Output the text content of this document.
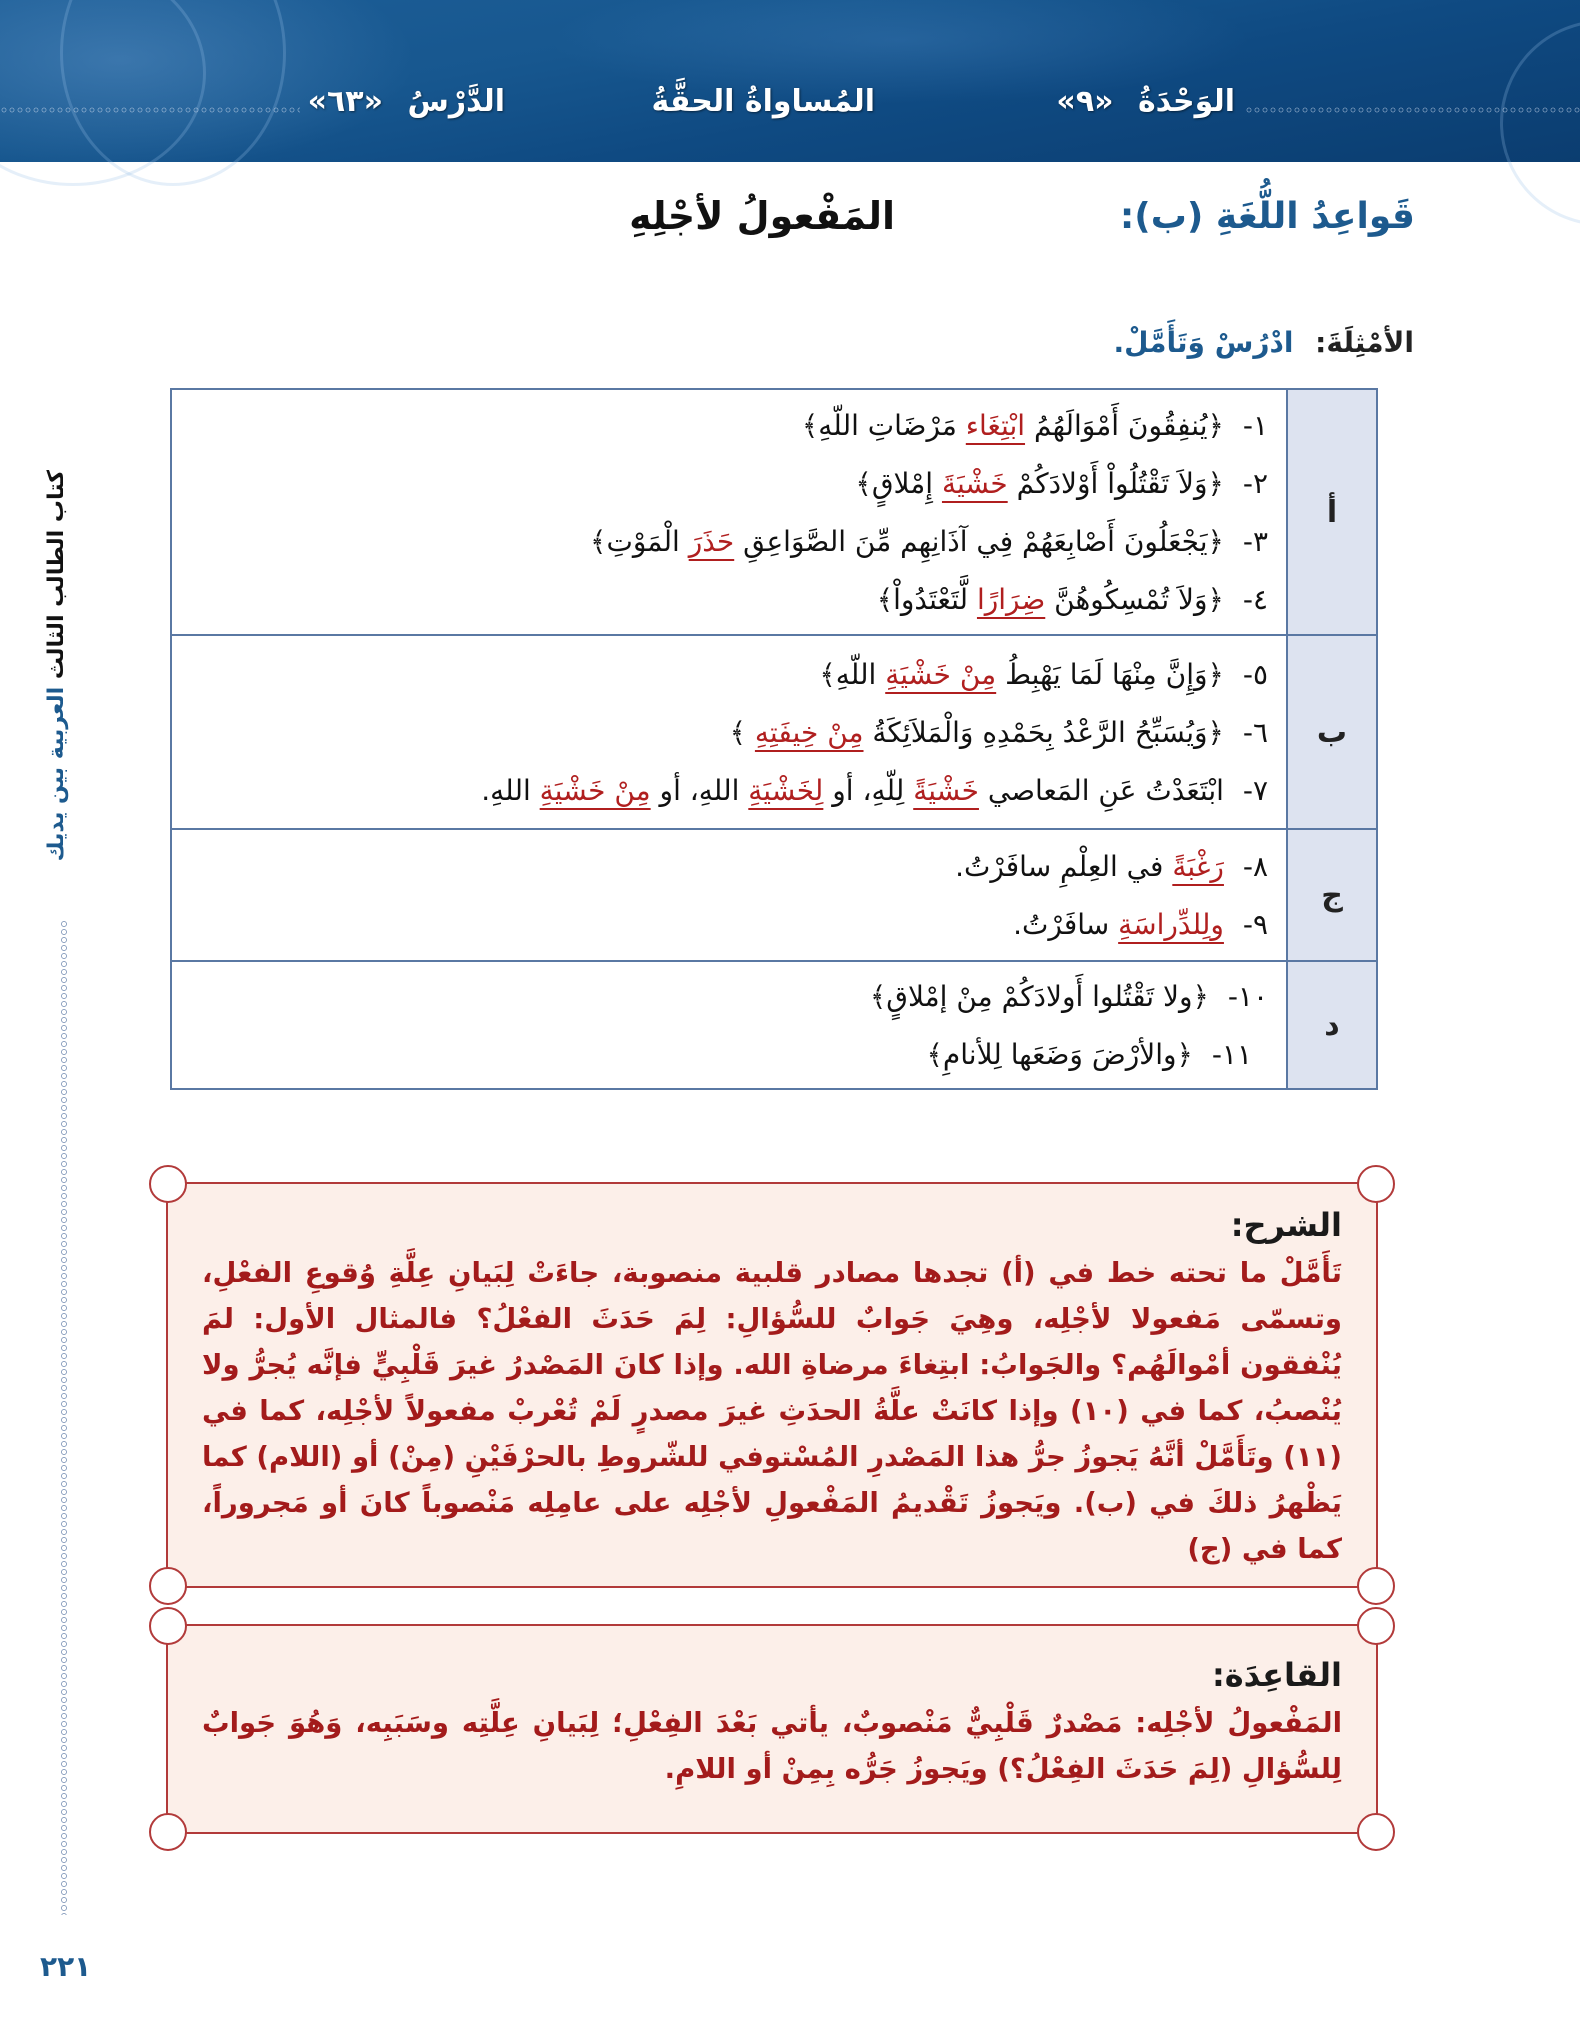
الوَحْدَةُ «٩»
المُساواةُ الحقَّةُ
الدَّرْسُ «٦٣»
قَواعِدُ اللُّغَةِ (ب):
المَفْعولُ لأجْلِهِ
الأمْثِلَةَ: ادْرُسْ وَتَأَمَّلْ.
أ	١- ﴿يُنفِقُونَ أَمْوَالَهُمُ ابْتِغَاء مَرْضَاتِ اللّهِ﴾
٢- ﴿وَلاَ تَقْتُلُواْ أَوْلادَكُمْ خَشْيَةَ إِمْلاقٍ﴾
٣- ﴿يَجْعَلُونَ أَصْابِعَهُمْ فِي آذَانِهِم مِّنَ الصَّوَاعِقِ حَذَرَ الْمَوْتِ﴾
٤- ﴿وَلاَ تُمْسِكُوهُنَّ ضِرَارًا لَّتَعْتَدُواْ﴾

ب	٥- ﴿وَإِنَّ مِنْهَا لَمَا يَهْبِطُ مِنْ خَشْيَةِ اللّهِ﴾
٦- ﴿وَيُسَبِّحُ الرَّعْدُ بِحَمْدِهِ وَالْمَلاَئِكَةُ مِنْ خِيفَتِهِ ﴾
٧- ابْتَعَدْتُ عَنِ المَعاصي خَشْيَةً لِلّهِ، أو لِخَشْيَةِ اللهِ، أو مِنْ خَشْيَةِ اللهِ.

ج	٨- رَغْبَةً في العِلْمِ سافَرْتُ.
٩- ولِلدِّراسَةِ سافَرْتُ.

د	١٠- ﴿ولا تَقْتُلوا أَولادَكُمْ مِنْ إمْلاقٍ﴾
١١- ﴿والأرْضَ وَضَعَها لِلأنامِ﴾
الشرح:
تَأَمَّلْ ما تحته خط في (أ) تجدها مصادر قلبية منصوبة، جاءَتْ لِبَيانِ عِلَّةِ وُقوعِ الفعْلِ، وتسمّى مَفعولا لأجْلِه، وهِيَ جَوابٌ للسُّؤالِ: لِمَ حَدَثَ الفعْلُ؟ فالمثال الأول: لمَ يُنْفقون أمْوالَهُم؟ والجَوابُ: ابتِغاءَ مرضاةِ الله. وإذا كانَ المَصْدرُ غيرَ قَلْبِيٍّ فإنَّه يُجرُّ ولا يُنْصبُ، كما في (١٠) وإذا كانَتْ علَّةُ الحدَثِ غيرَ مصدرٍ لَمْ تُعْربْ مفعولاً لأجْلِه، كما في (١١) وتَأَمَّلْ أنَّهُ يَجوزُ جرُّ هذا المَصْدرِ المُسْتوفي للشّروطِ بالحرْفَيْنِ (مِنْ) أو (اللام) كما يَظْهرُ ذلكَ في (ب). ويَجوزُ تَقْديمُ المَفْعولِ لأجْلِه على عامِلِه مَنْصوباً كانَ أو مَجروراً، كما في (ج)
القاعِدَة:
المَفْعولُ لأجْلِه: مَصْدرٌ قَلْبِيٌّ مَنْصوبٌ، يأتي بَعْدَ الفِعْلِ؛ لِبَيانِ عِلَّتِه وسَبَبِه، وَهُوَ جَوابٌ لِلسُّؤالِ (لِمَ حَدَثَ الفِعْلُ؟) ويَجوزُ جَرُّه بِمِنْ أو اللامِ.
كتاب الطالب الثالث العربية بين يديك
٢٢١
